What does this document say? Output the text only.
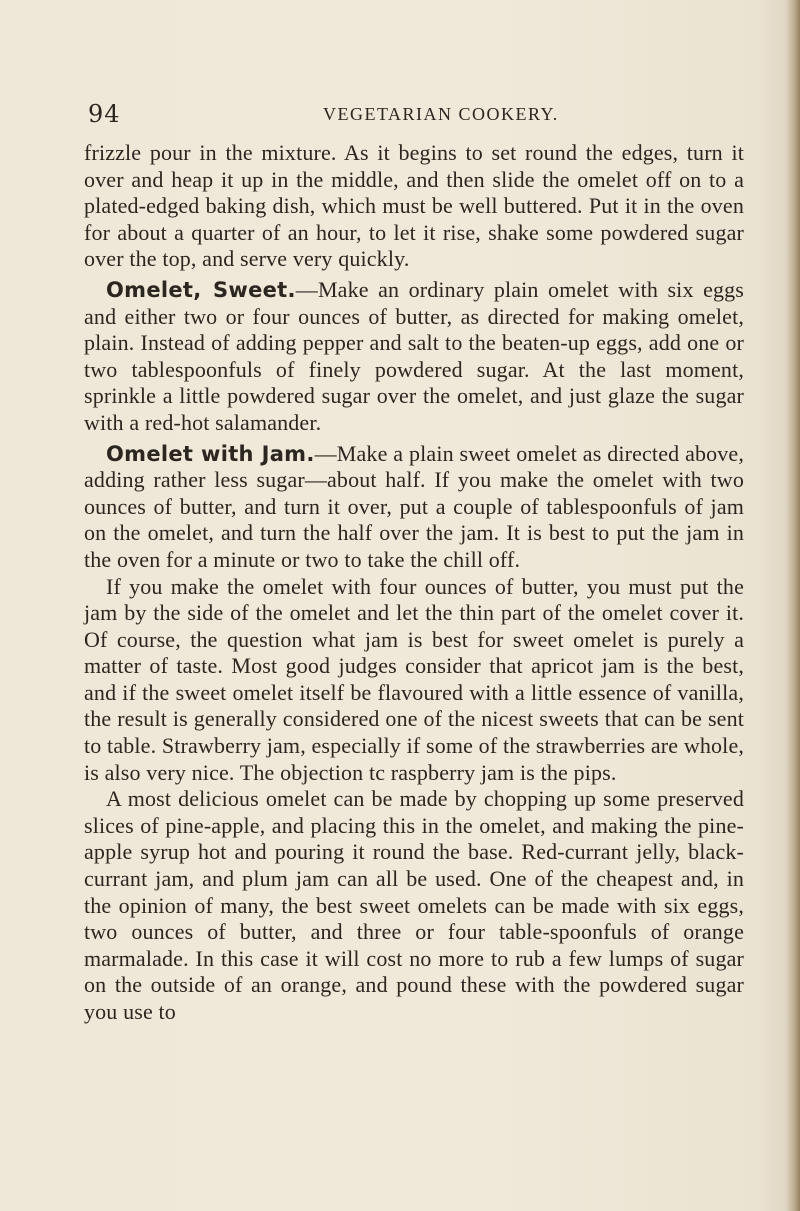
94	VEGETARIAN COOKERY.

frizzle pour in the mixture. As it begins to set round the edges, turn it over and heap it up in the middle, and then slide the omelet off on to a plated-edged baking dish, which must be well buttered. Put it in the oven for about a quarter of an hour, to let it rise, shake some powdered sugar over the top, and serve very quickly.

Omelet, Sweet.—Make an ordinary plain omelet with six eggs and either two or four ounces of butter, as directed for making omelet, plain. Instead of adding pepper and salt to the beaten-up eggs, add one or two tablespoonfuls of finely powdered sugar. At the last moment, sprinkle a little powdered sugar over the omelet, and just glaze the sugar with a red-hot salamander.

Omelet with Jam.—Make a plain sweet omelet as directed above, adding rather less sugar—about half. If you make the omelet with two ounces of butter, and turn it over, put a couple of tablespoonfuls of jam on the omelet, and turn the half over the jam. It is best to put the jam in the oven for a minute or two to take the chill off.

If you make the omelet with four ounces of butter, you must put the jam by the side of the omelet and let the thin part of the omelet cover it. Of course, the question what jam is best for sweet omelet is purely a matter of taste. Most good judges consider that apricot jam is the best, and if the sweet omelet itself be flavoured with a little essence of vanilla, the result is generally considered one of the nicest sweets that can be sent to table. Strawberry jam, especially if some of the strawberries are whole, is also very nice. The objection tc raspberry jam is the pips.

A most delicious omelet can be made by chopping up some preserved slices of pine-apple, and placing this in the omelet, and making the pine-apple syrup hot and pouring it round the base. Red-currant jelly, black-currant jam, and plum jam can all be used. One of the cheapest and, in the opinion of many, the best sweet omelets can be made with six eggs, two ounces of butter, and three or four table-spoonfuls of orange marmalade. In this case it will cost no more to rub a few lumps of sugar on the outside of an orange, and pound these with the powdered sugar you use to
